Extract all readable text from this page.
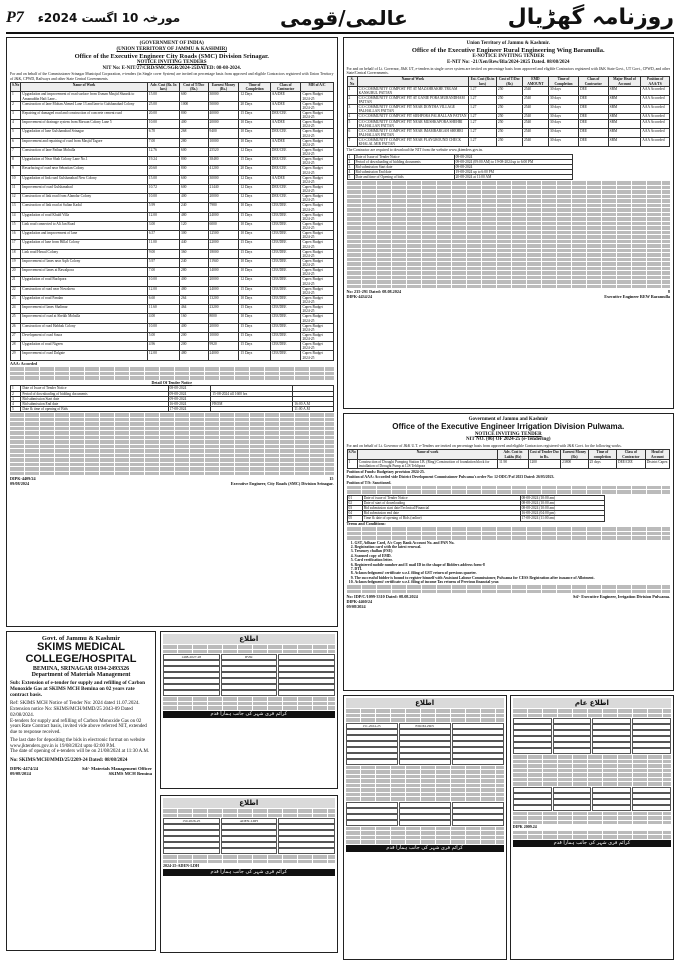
P7 مورخہ 10 اگست 2024ء	عالمی/قومی	روزنامہ گھڑیال
(GOVERNMENT OF INDIA)
(UNION TERRITORY OF JAMMU & KASHMIR)
Office of the Executive Engineer City Roads (SMC) Division Srinagar.
NOTICE INVITING TENDERS
NIT No: E-NIT/27/CRD/SMC/SGR/2024-25DATED: 08-08-2024.
For and on behalf of the Commissioner Srinagar Municipal Corporation, e-tenders (in Single cover System) are invited on percentage basis from approved and eligible Contractors registered with Union Territory of J&K, CPWD, Railways and other State Central Governments.
S.No	Name of Work	Adv. Cost (Rs. In lacs)	Cost of T/Doc (Rs.)	Earnest Money (Rs.)	Time of Completion	Class of Contractor	MH of A/C
1	Upgradation and improvement of road surface from Usman Masjid Shaarik to Amanuddin Hafi Lane...	15.00	600	30000	12 Days	AA/DEE	Capex Budget 2024-25
2	Construction of lane Mohan Ahmed Lane 13 and lane to Gulshanabad Colony	25.00	1000	50000	20 Days	AA/DEE	Capex Budget 2024-25
3	Repairing of damaged road and construction of concrete cement road	20.00	800	40000	15 Days	DEE/CEE	Capex Budget 2024-25
4	Improvement of drainage system from Rizwan Colony Lane 5	10.00	400	20000	10 Days	AA/DEE	Capex Budget 2024-25
5	Upgradation of lane Gulshanabad Srinagar	6.70	268	9400	10 Days	DEE/CEE	Capex Budget 2024-25
6	Improvement and repairing of road from Masjid Tagore	7.00	280	10000	10 Days	AA/DEE	Capex Budget 2024-25
7	Construction of lane Pathan Mohalla	12.76	600	25520	12 Days	DEE/CEE	Capex Budget 2024-25
8	Upgradation of Near Shah Colony Lane No.1	19.24	800	38480	15 Days	DEE/CEE	Capex Budget 2024-25
9	Resurfacing of road near Sebastian Colony	20.60	800	41200	20 Days	DEE/CEE	Capex Budget 2024-25
10	Upgradation of link road Gulshanabad New Colony	15.00	600	30000	12 Days	AA/DEE	Capex Budget 2024-25
11	Improvement of road Gulshanabad	10.72	600	21440	12 Days	DEE/CEE	Capex Budget 2024-25
12	Construction of link road from Alamdar Colony	10.00	400	20000	12 Days	DEE/CEE	Capex Budget 2024-25
13	Construction of link road at Sultan Kadal	5.99	240	7980	10 Days	CEE/DEE	Capex Budget 2024-25
14	Upgradation of road Khuld Villa	12.00	480	24000	15 Days	CEE/DEE	Capex Budget 2024-25
15	Link road connected to Ali Jan Road	3.00	120	6000	10 Days	CEE/DEE	Capex Budget 2024-25
16	Upgradation and improvement of lane	6.57	300	12500	10 Days	CEE/DEE	Capex Budget 2024-25
17	Upgradation of lane from Hillal Colony	11.00	440	22000	15 Days	CEE/DEE	Capex Budget 2024-25
18	Link road Hawal Colony	9.00	360	18000	15 Days	CEE/DEE	Capex Budget 2024-25
19	Improvement of lanes near Aqib Colony	5.97	240	11940	10 Days	CEE/DEE	Capex Budget 2024-25
20	Improvement of lanes at Rawalpora	7.00	280	14000	10 Days	CEE/DEE	Capex Budget 2024-25
21	Upgradation of road Buchpora	10.00	400	20000	12 Days	CEE/DEE	Capex Budget 2024-25
22	Construction of road near Nowshera	12.00	480	24000	15 Days	CEE/DEE	Capex Budget 2024-25
23	Upgradation of road Pandan	6.60	264	13200	10 Days	CEE/DEE	Capex Budget 2024-25
24	Improvement of lanes Shalimar	11.60	464	23200	15 Days	CEE/DEE	Capex Budget 2024-25
25	Improvement of road at Sheikh Mohalla	4.00	160	8000	10 Days	CEE/DEE	Capex Budget 2024-25
26	Construction of road Habbak Colony	10.00	400	20000	15 Days	CEE/DEE	Capex Budget 2024-25
27	Development of road Soura	5.00	200	10000	15 Days	CEE/DEE	Capex Budget 2024-25
28	Upgradation of road Nigeen	4.96	200	9920	15 Days	CEE/DEE	Capex Budget 2024-25
29	Improvement of road Dalgate	12.00	480	24000	15 Days	CEE/DEE	Capex Budget 2024-25
AAA: Accorded
Detail Of Tender Notice
1	Date of Issue of Tender Notice	08-08-2024		
2	Period of downloading of bidding documents	09-08-2024	15-08-2024 till 1600 hrs	
3	Bid submission Start date	09-08-2024		
4	Bid submission End date	16-08-2024	FROM	16:00 A.M
5	Date & time of opening of Bids	17-08-2024		11:00 A.M
DIPK-4409/24
09/08/2024
15
Executive Engineer, City Roads (SMC) Division Srinagar.
Govt. of Jammu & Kashmir
SKIMS MEDICAL COLLEGE/HOSPITAL
BEMINA, SRINAGAR 0194-2493326
Department of Materials Management
Sub: Extension of e-tender for supply and refilling of Carbon Monoxide Gas at SKIMS MCH Bemina on 02 years rate contract basis.
Ref: SKIMS MCH Notice of Tender No: 2024 dated 11.07.2024.
Extension notice No: SKIMS/MCH/MMD/25 2043-09 Dated 02/08/2024.
E-tenders for supply and refilling of Carbon Monoxide Gas on 02 years Rate Contract basis, invited vide above referred NIT, extended due to response received.
The last date for depositing the bids in electronic format on website www.jktenders.gov.in is 19/08/2024 upto 02:00 P.M.
The date of opening of e-tenders will be on 21/08/2024 at 11:30 A.M.
No: SKIMS/MCH/MMD/25/2209-24 Dated: 08/08/2024
DIPK-4474/24
09/08/2024
Sd/- Materials Management Officer SKIMS MCH Bemina
اطلاع
1498-2027-28	IFZR
کرائم فری شہر کی جانب ہمارا قدم
اطلاع
150-2026-25	ADEN-LDH
2024-25-ADEN-LDH
کرائم فری شہر کی جانب ہمارا قدم
Union Territory of Jammu & Kashmir.
Office of the Executive Engineer Rural Engineering Wing Baramulla.
E-NOTICE INVITING TENDER
E-NIT No: -21/Xen/Rew/Bla/2024-2025 Dated. 08/08/2024
For and on behalf of Lt. Governor, J&K UT, e-tenders in single cover system are invited on percentage basis from approved and eligible Contractors registered with J&K State Govt., UT Govt., CPWD, and other State/Central Governments.
S. No	Name of Work	Est. Cost (Rs in lacs)	Cost of T/Doc (Rs)	EMD AMOUNT	Time of Completion	Class of Contractor	Major Head of Account	Position of AAA/TS
1	C/O COMMUNITY COMPOST PIT AT MAZAHRAKHE TRGAM KANSURUL PATTAN	1.27	250	2540	30 days	DEE	SBM	AAA Accorded
2	C/O COMMUNITY COMPOST PIT AT GANIE PORA MURANDHAM PATTAN	1.27	250	2540	30 days	DEE	SBM	AAA Accorded
3	C/O COMMUNITY COMPOST PIT NEAR DONTHA VILLAGE PALHALLAN PATTAN	1.27	250	2540	30 days	DEE	SBM	AAA Accorded
4	C/O COMMUNITY COMPOST PIT SIEHPORA PALHALLAN PATTAN	1.27	250	2540	30 days	DEE	SBM	AAA Accorded
5	C/O COMMUNITY COMPOST PIT NEAR MUSHKAPORA SHEHRI PALHALLAN PATTAN	1.27	250	2540	30 days	DEE	SBM	AAA Accorded
6	C/O COMMUNITY COMPOST PIT NEAR IMAMBARGAH SHEHRI PALHALLAN PATTAN	1.27	250	2540	30 days	DEE	SBM	AAA Accorded
7	C/O COMMUNITY COMPOST PIT NEAR PLAYGROUND CHECK KHALAL MIR PATTAN	1.27	250	2540	30 days	DEE	SBM	AAA Accorded
The Contractor are required to download the NIT from the website www.jktenders.gov.in.
1	Date of Issue of Tender Notice	09-08-2024
2	Period of downloading of bidding documents	09-08-2024 (09:00 AM) to 19-08-2024 up to 6:00 PM
3	Bid submission Start date	09-08-2024
4	Bid submission End date	19-08-2024 up to 6:00 PM
5	Date and time of Opening of bids	20-08-2024 at 11:00 AM
No: 235-291 Dated: 08.08.2024
DIPK-4434/24
8
Executive Engineer REW Baramulla
Government of Jammu and Kashmir
Office of the Executive Engineer Irrigation Division Pulwama.
NOTICE INVITING TENDER
NIT NO. (06) OF 2024-25 (e-Tendering)
For and on behalf of Lt. Governor of J&K U.T. e-Tenders are invited on percentage basis from approved and eligible Contractors registered with J&K Govt. for the following works.
S.No	Name of work	Adv. Cost in Lakhs (Rs)	Cost of Tender Doc in Rs.	Earnest Money (Rs)	Time of completion	Class of Contractor	Head of Account
1	Construction of Drought Pumping Station I.B. (Ring) Construction of foundation block for installation of Drought Pump at LIS Tehlipora	11.90	1200	23800	25 days	DEE/CEE	District Capex
Position of Funds: Budgetary provision 2024-25.
Position of AAA: Accorded vide District Development Commissioner Pulwama's order No: 12-DDC/P of 2023 Dated: 26/05/2023.
Position of T/S: Sanctioned.
01	Date of issue of Tender Notice	08-08-2024 (10:00 am)
02	Date of start of downloading	08-08-2024 (10:00 am)
03	Bid submission start date/Technical/Financial	08-08-2024 (10:00 am)
04	Bid submission end date	16-08-2024 (04:00 pm)
05	Time & date of opening of Bids (online)	17-08-2024 (11:00 am)
Terms and Conditions:
1. GST, Adhaar Card, A/c Copy Bank Account No. and PAN No.
2. Registration card with the latest renewal.
3. Treasury challan (FSE)
4. Scanned copy of EMD.
5. Card verification letter.
6. Registered mobile number and E mail ID in the shape of Bidders address form-8
7. DTI.
8. Acknowledgment/ certificate w.e.f. filing of GST return of previous quarter.
9. The successful bidder is bound to register himself with Assistant Labour Commissioner, Pulwama for CESS Registration after issuance of Allotment.
10. Acknowledgment/ certificate w.e.f. filing of income Tax returns of Previous financial year.
No: IDP/C/1099-3310 Dated: 08.08.2024
DIPK-4460/24
09/08/2024
Sd/- Executive Engineer, Irrigation Division Pulwama.
اطلاع
151-2024-25	EDOM-ZRN
کرائم فری شہر کی جانب ہمارا قدم
اطلاع عام
DIPK 2009.24
کرائم فری شہر کی جانب ہمارا قدم
